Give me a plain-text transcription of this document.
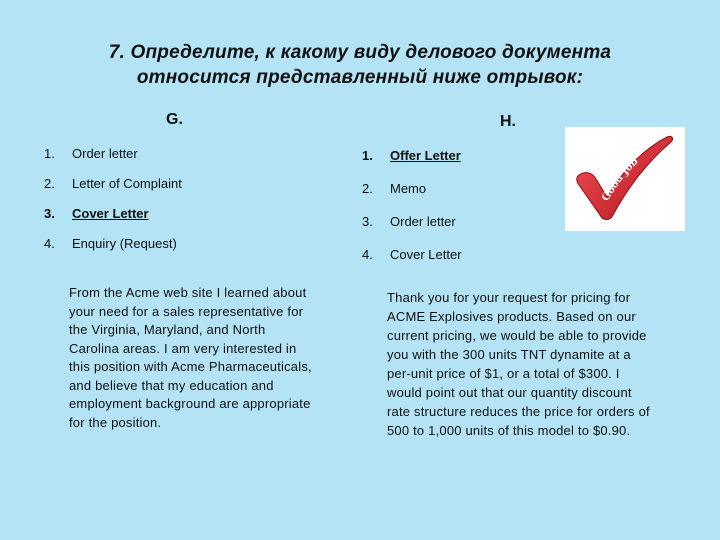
7. Определите, к какому виду делового документа
относится представленный ниже отрывок:
G.	H.
1. Order letter
2. Letter of Complaint
3. Cover Letter
4. Enquiry (Request)
1. Offer Letter
2. Memo
3. Order letter
4. Cover Letter
From the Acme web site I learned about your need for a sales representative for the Virginia, Maryland, and North Carolina areas. I am very interested in this position with Acme Pharmaceuticals, and believe that my education and employment background are appropriate for the position.
Thank you for your request for pricing for ACME Explosives products. Based on our current pricing, we would be able to provide you with the 300 units TNT dynamite at a per-unit price of $1, or a total of $300. I would point out that our quantity discount rate structure reduces the price for orders of 500 to 1,000 units of this model to $0.90.
Good Job
